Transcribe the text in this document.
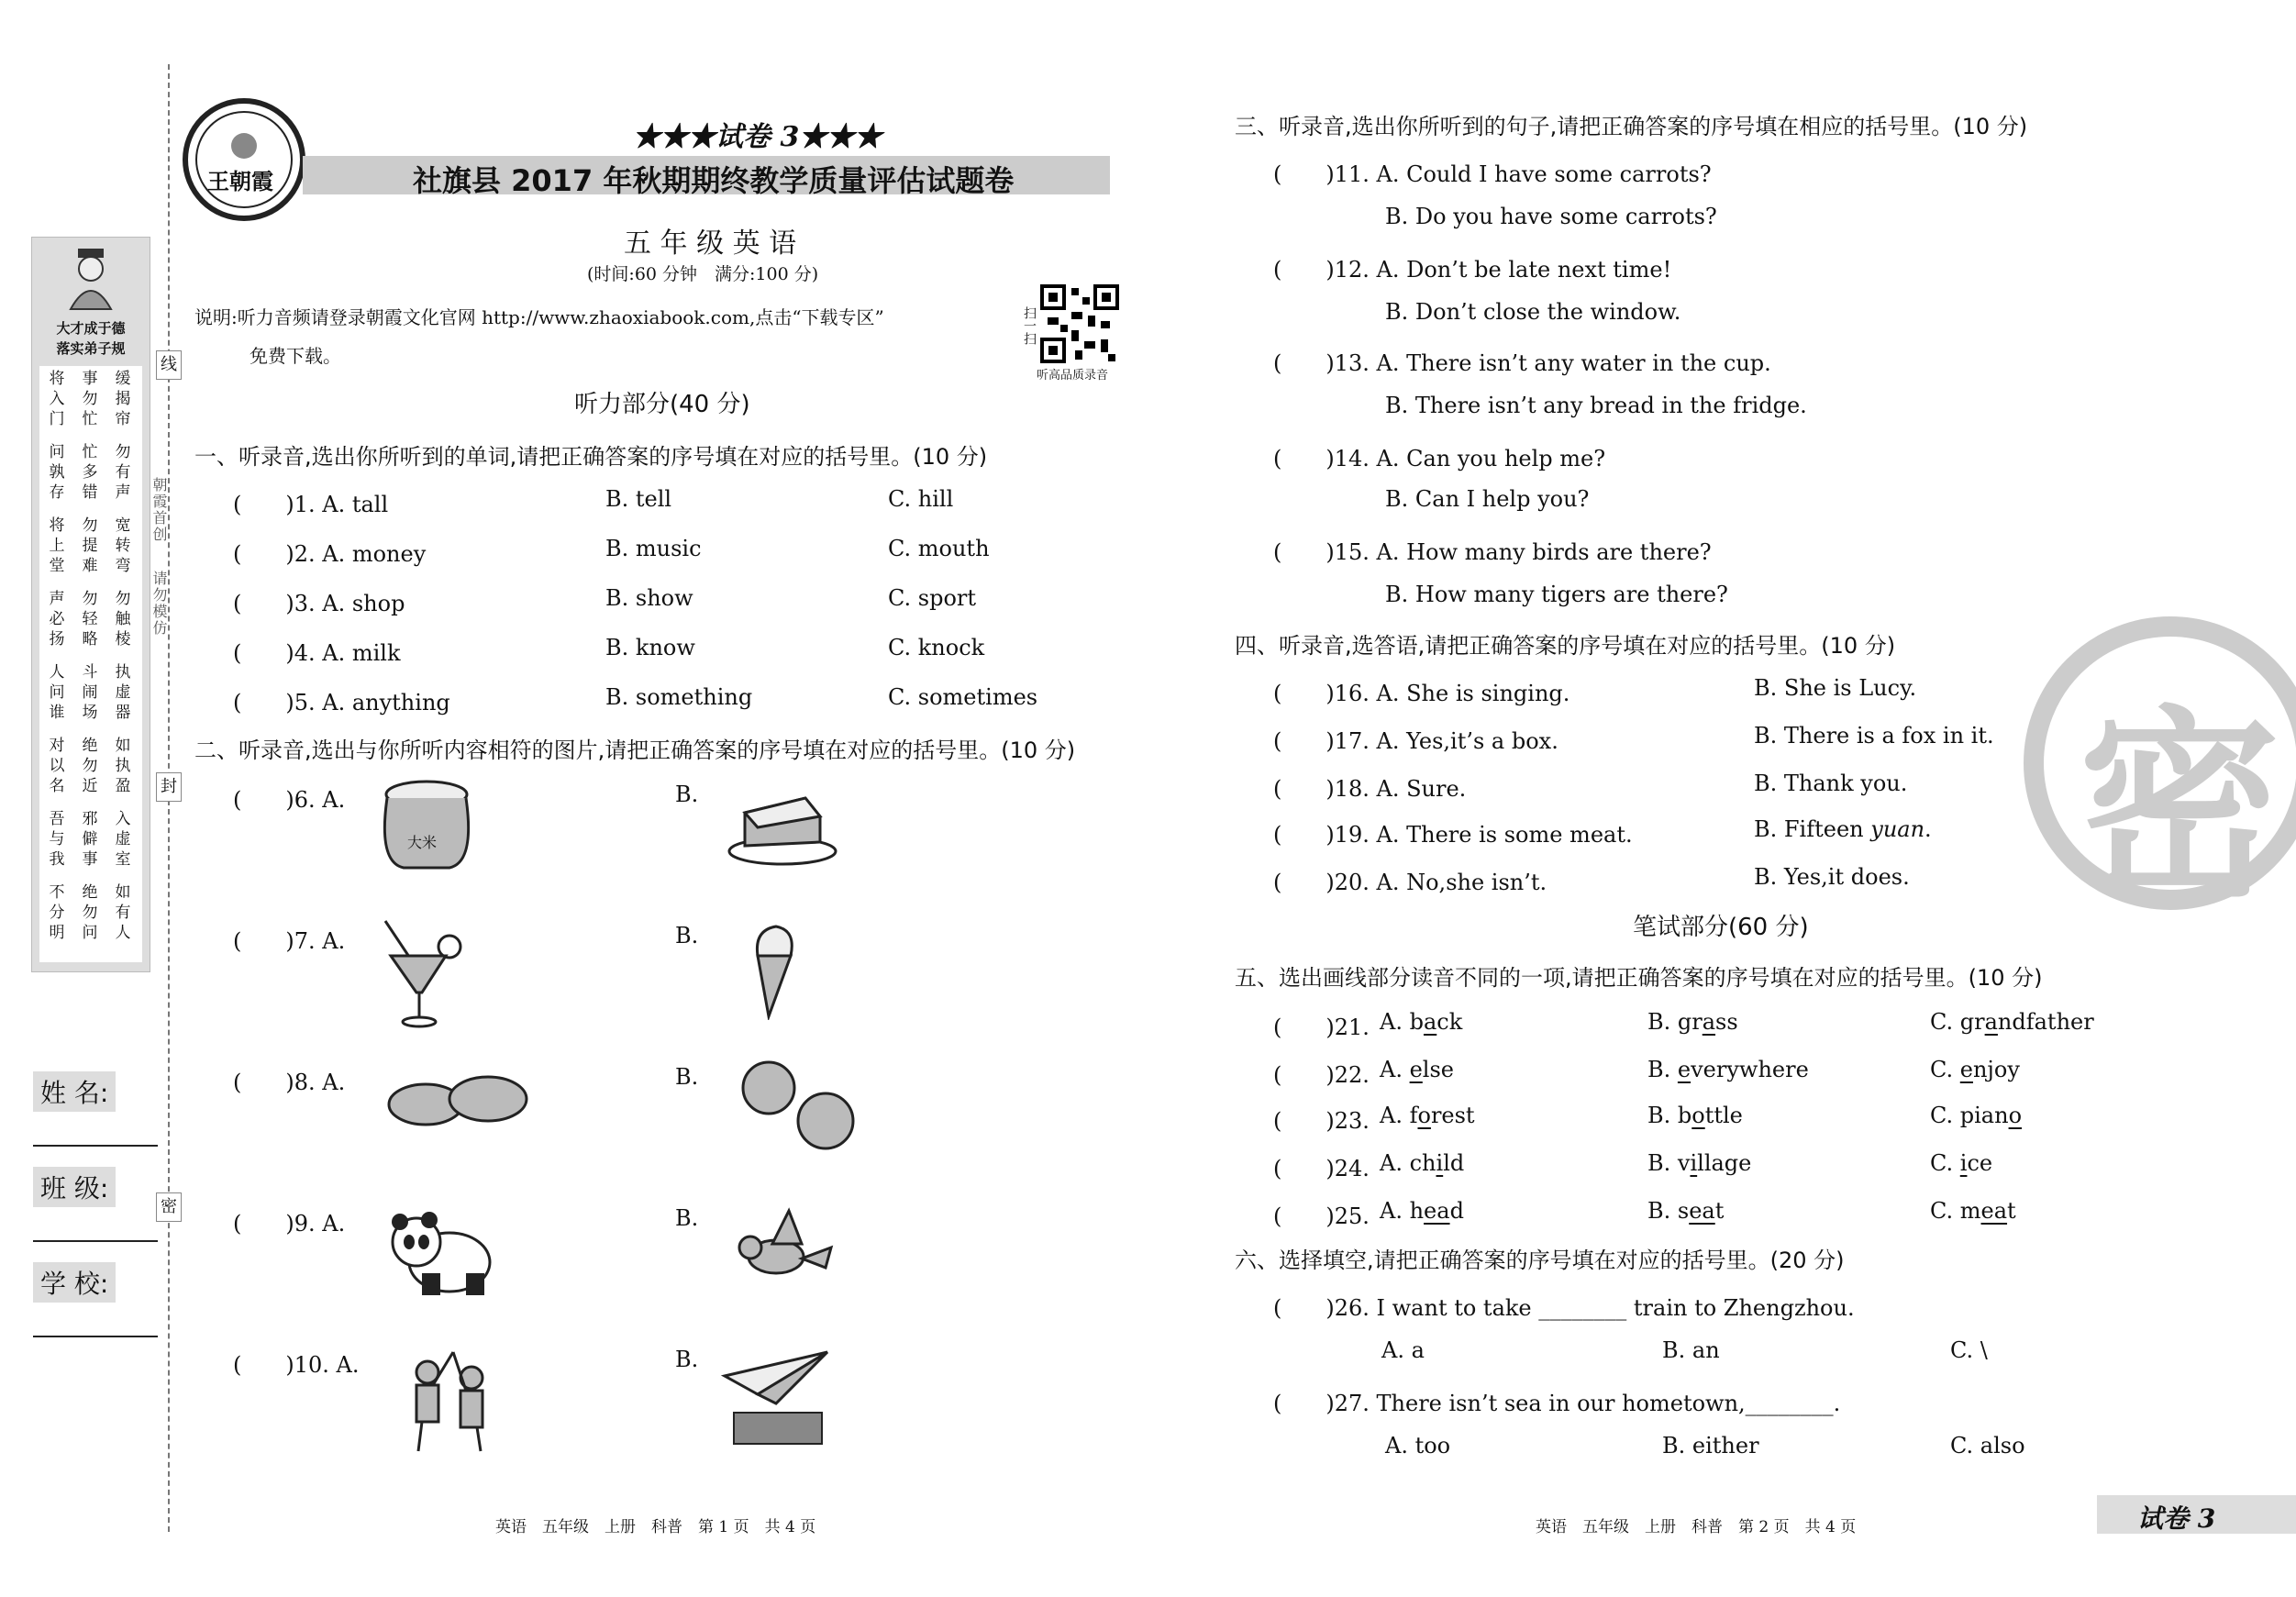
线
封
密
朝霞首创
请勿模仿
大才成于德
落实弟子规
将
入
门
事
勿
忙
缓
揭
帘
问
孰
存
忙
多
错
勿
有
声
将
上
堂
勿
提
难
宽
转
弯
声
必
扬
勿
轻
略
勿
触
棱
人
问
谁
斗
闹
场
执
虚
器
对
以
名
绝
勿
近
如
执
盈
吾
与
我
邪
僻
事
入
虚
室
不
分
明
绝
勿
问
如
有
人
姓 名:
班 级:
学 校:
王朝霞
★★★试卷 3★★★
社旗县 2017 年秋期期终教学质量评估试题卷
五 年 级 英 语
(时间:60 分钟　满分:100 分)
说明:听力音频请登录朝霞文化官网 http://www.zhaoxiabook.com,点击“下载专区”
免费下载。
扫一扫
听高品质录音
听力部分(40 分)
一、听录音,选出你所听到的单词,请把正确答案的序号填在对应的括号里。(10 分)
(　　)1. A. tall	B. tell	C. hill
(　　)2. A. money	B. music	C. mouth
(　　)3. A. shop	B. show	C. sport
(　　)4. A. milk	B. know	C. knock
(　　)5. A. anything	B. something	C. sometimes
二、听录音,选出与你所听内容相符的图片,请把正确答案的序号填在对应的括号里。(10 分)
(　　)6. A.	B.
(　　)7. A.	B.
(　　)8. A.	B.
(　　)9. A.	B.
(　　)10. A.	B.
大米
三、听录音,选出你所听到的句子,请把正确答案的序号填在相应的括号里。(10 分)
(　　)11. A. Could I have some carrots?
B. Do you have some carrots?
(　　)12. A. Don’t be late next time!
B. Don’t close the window.
(　　)13. A. There isn’t any water in the cup.
B. There isn’t any bread in the fridge.
(　　)14. A. Can you help me?
B. Can I help you?
(　　)15. A. How many birds are there?
B. How many tigers are there?
四、听录音,选答语,请把正确答案的序号填在对应的括号里。(10 分)
(　　)16. A. She is singing.	B. She is Lucy.
(　　)17. A. Yes,it’s a box.	B. There is a fox in it.
(　　)18. A. Sure.	B. Thank you.
(　　)19. A. There is some meat.	B. Fifteen yuan.
(　　)20. A. No,she isn’t.	B. Yes,it does.
笔试部分(60 分)
五、选出画线部分读音不同的一项,请把正确答案的序号填在对应的括号里。(10 分)
(　　)21. A. back	B. grass	C. grandfather
(　　)22. A. else	B. everywhere	C. enjoy
(　　)23. A. forest	B. bottle	C. piano
(　　)24. A. child	B. village	C. ice
(　　)25. A. head	B. seat	C. meat
六、选择填空,请把正确答案的序号填在对应的括号里。(20 分)
(　　)26. I want to take ________ train to Zhengzhou.
A. a	B. an	C. \
(　　)27. There isn’t sea in our hometown,________.
A. too	B. either	C. also
密
英语　五年级　上册　科普　第 1 页　共 4 页	英语　五年级　上册　科普　第 2 页　共 4 页	试卷 3
